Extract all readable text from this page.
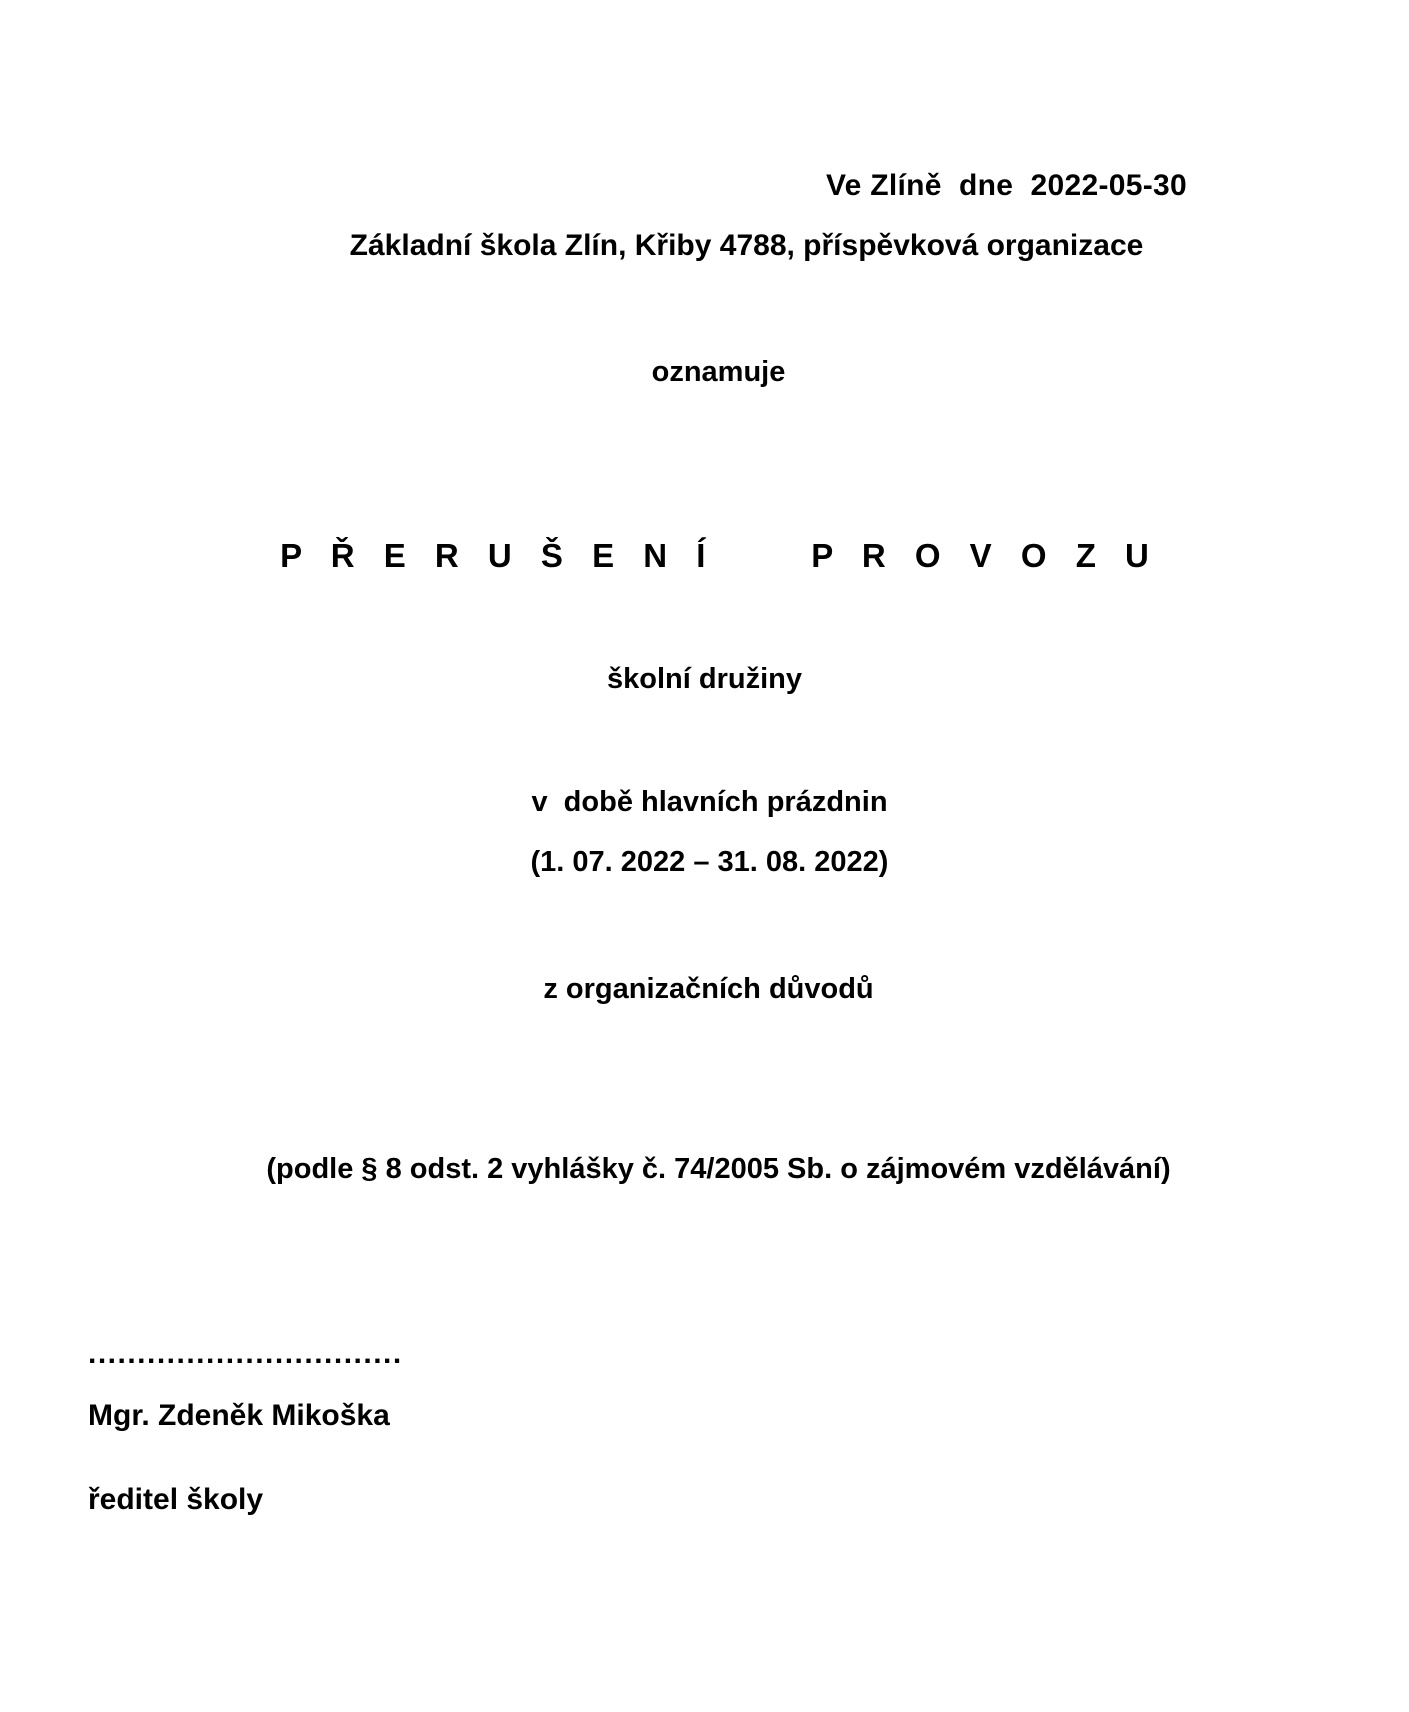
Ve Zlíně  dne  2022-05-30
Základní škola Zlín, Křiby 4788, příspěvková organizace
oznamuje
P Ř E R U Š E N Í     P R O V O Z U
školní družiny
v  době hlavních prázdnin
(1. 07. 2022 – 31. 08. 2022)
z organizačních důvodů
(podle § 8 odst. 2 vyhlášky č. 74/2005 Sb. o zájmovém vzdělávání)
................................
Mgr. Zdeněk Mikoška
ředitel školy
